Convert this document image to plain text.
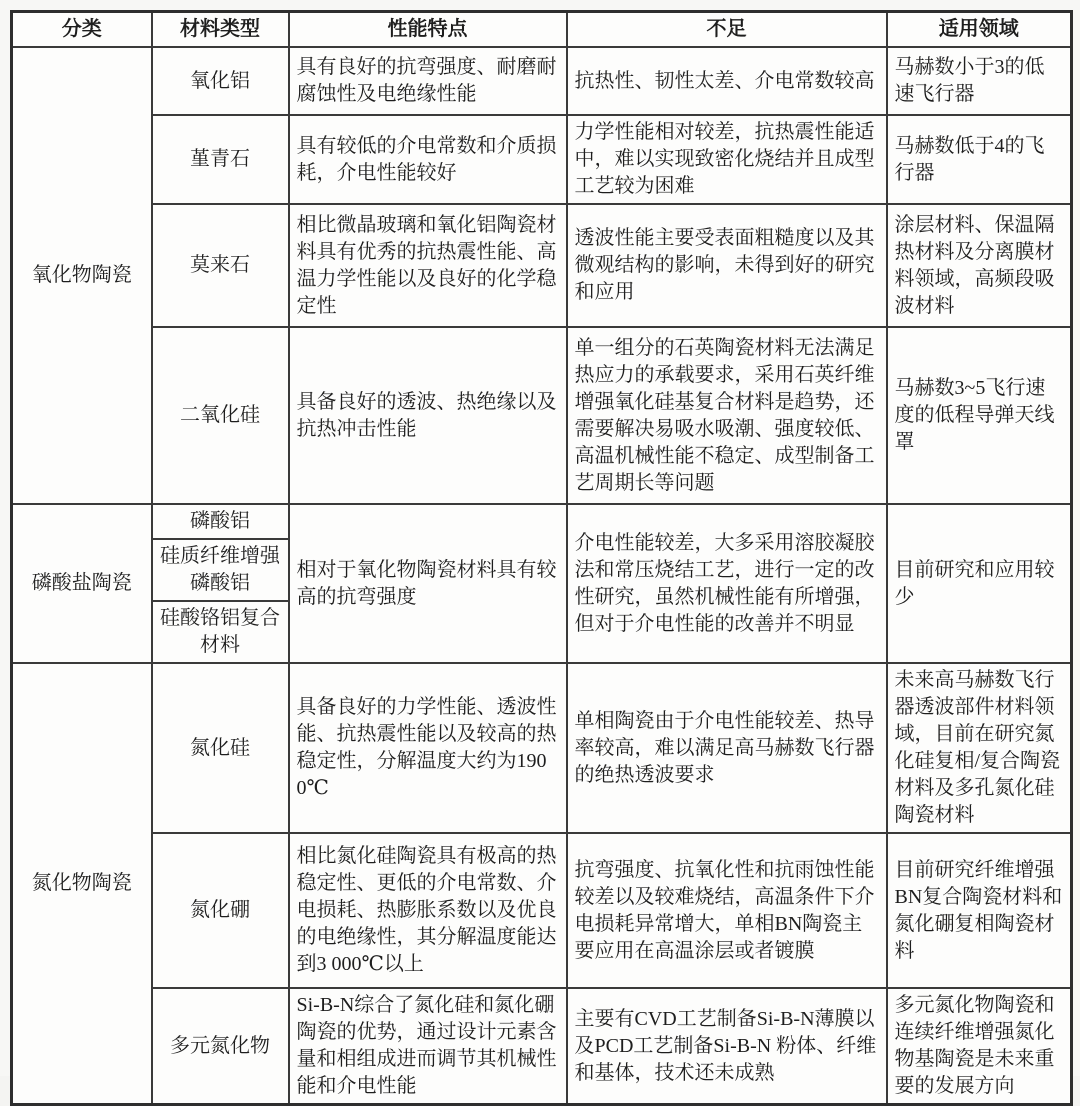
分类	材料类型	性能特点	不足	适用领域
氧化物陶瓷	氧化铝	具有良好的抗弯强度、耐磨耐腐蚀性及电绝缘性能	抗热性、韧性太差、介电常数较高	马赫数小于3的低速飞行器
	堇青石	具有较低的介电常数和介质损耗，介电性能较好	力学性能相对较差，抗热震性能适中，难以实现致密化烧结并且成型工艺较为困难	马赫数低于4的飞行器
	莫来石	相比微晶玻璃和氧化铝陶瓷材料具有优秀的抗热震性能、高温力学性能以及良好的化学稳定性	透波性能主要受表面粗糙度以及其微观结构的影响，未得到好的研究和应用	涂层材料、保温隔热材料及分离膜材料领域，高频段吸波材料
	二氧化硅	具备良好的透波、热绝缘以及抗热冲击性能	单一组分的石英陶瓷材料无法满足热应力的承载要求，采用石英纤维增强氧化硅基复合材料是趋势，还需要解决易吸水吸潮、强度较低、高温机械性能不稳定、成型制备工艺周期长等问题	马赫数3~5飞行速度的低程导弹天线罩
磷酸盐陶瓷	磷酸铝	相对于氧化物陶瓷材料具有较高的抗弯强度	介电性能较差，大多采用溶胶凝胶法和常压烧结工艺，进行一定的改性研究，虽然机械性能有所增强，但对于介电性能的改善并不明显	目前研究和应用较少
	硅质纤维增强磷酸铝			
	硅酸铬铝复合材料			
氮化物陶瓷	氮化硅	具备良好的力学性能、透波性能、抗热震性能以及较高的热稳定性，分解温度大约为1900℃	单相陶瓷由于介电性能较差、热导率较高，难以满足高马赫数飞行器的绝热透波要求	未来高马赫数飞行器透波部件材料领域，目前在研究氮化硅复相/复合陶瓷材料及多孔氮化硅陶瓷材料
	氮化硼	相比氮化硅陶瓷具有极高的热稳定性、更低的介电常数、介电损耗、热膨胀系数以及优良的电绝缘性，其分解温度能达到3 000℃以上	抗弯强度、抗氧化性和抗雨蚀性能较差以及较难烧结，高温条件下介电损耗异常增大，单相BN陶瓷主要应用在高温涂层或者镀膜	目前研究纤维增强BN复合陶瓷材料和氮化硼复相陶瓷材料
	多元氮化物	Si-B-N综合了氮化硅和氮化硼陶瓷的优势，通过设计元素含量和相组成进而调节其机械性能和介电性能	主要有CVD工艺制备Si-B-N薄膜以及PCD工艺制备Si-B-N 粉体、纤维和基体，技术还未成熟	多元氮化物陶瓷和连续纤维增强氮化物基陶瓷是未来重要的发展方向
